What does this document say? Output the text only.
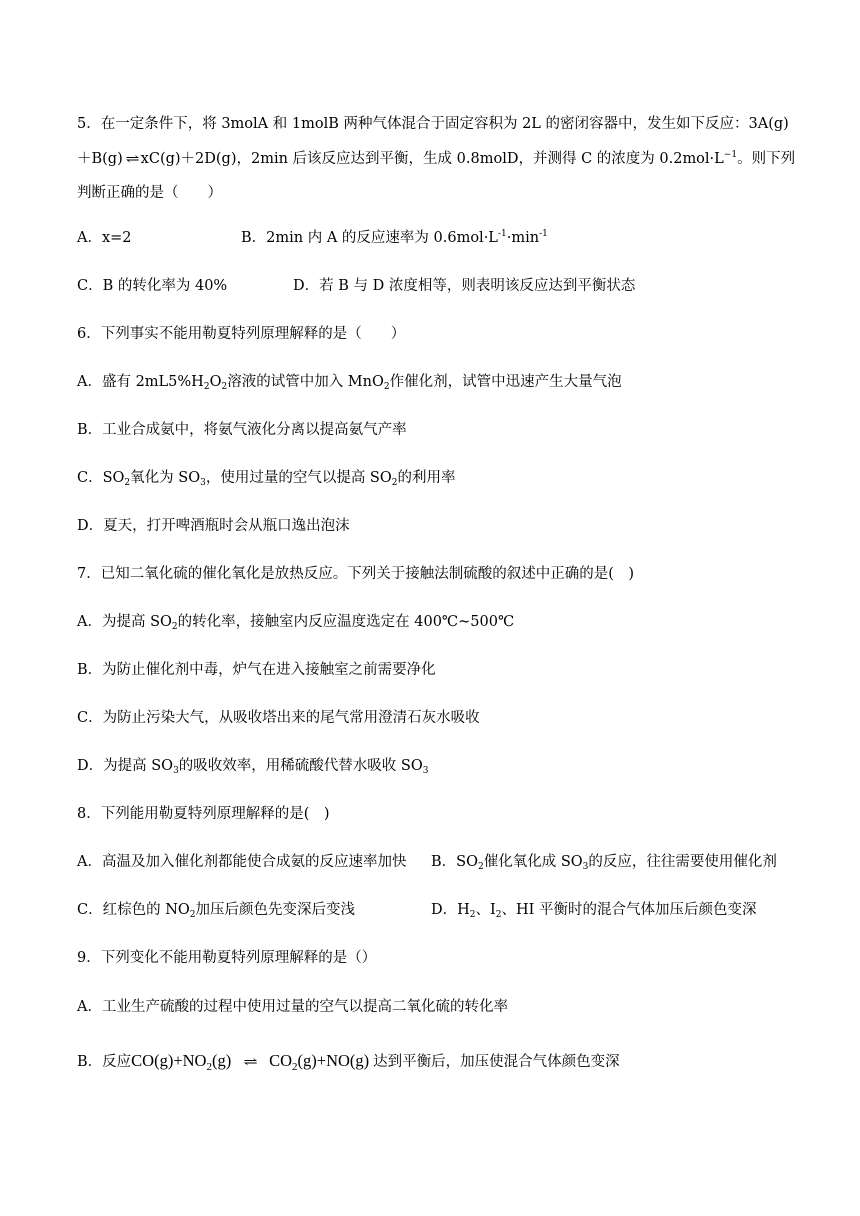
5．在一定条件下，将 3molA 和 1molB 两种气体混合于固定容积为 2L 的密闭容器中，发生如下反应：3A(g)
＋B(g) ⇌ xC(g)＋2D(g)，2min 后该反应达到平衡，生成 0.8molD，并测得 C 的浓度为 $0.2mol\cdot L^{-1}$。则下列
判断正确的是（　　）
A．x=2	B．2min 内 A 的反应速率为 $0.6mol\cdot L^{-1}\cdot\min^{-1}$
C．B 的转化率为 40%	D．若 B 与 D 浓度相等，则表明该反应达到平衡状态
6．下列事实不能用勒夏特列原理解释的是（　　）
A．盛有 $2mL5\%H_2O_2$溶液的试管中加入 MnO$_2$作催化剂，试管中迅速产生大量气泡
B．工业合成氨中，将氨气液化分离以提高氨气产率
C．$SO_2$氧化为 $SO_3$，使用过量的空气以提高 $SO_2$的利用率
D．夏天，打开啤酒瓶时会从瓶口逸出泡沫
7．已知二氧化硫的催化氧化是放热反应。下列关于接触法制硫酸的叙述中正确的是(　)
A．为提高 $SO_2$的转化率，接触室内反应温度选定在 400℃~500℃
B．为防止催化剂中毒，炉气在进入接触室之前需要净化
C．为防止污染大气，从吸收塔出来的尾气常用澄清石灰水吸收
D．为提高 $SO_3$的吸收效率，用稀硫酸代替水吸收 $SO_3$
8．下列能用勒夏特列原理解释的是(　)
A．高温及加入催化剂都能使合成氨的反应速率加快 B．$SO_2$催化氧化成 $SO_3$的反应，往往需要使用催化剂
C．红棕色的 $NO_2$加压后颜色先变深后变浅	D．$H_2$、$I_2$、HI 平衡时的混合气体加压后颜色变深
9．下列变化不能用勒夏特列原理解释的是（）
A．工业生产硫酸的过程中使用过量的空气以提高二氧化硫的转化率
B．反应$CO(g)+NO_2(g)$ ⇌ $CO_2(g)+NO(g)$ 达到平衡后，加压使混合气体颜色变深
